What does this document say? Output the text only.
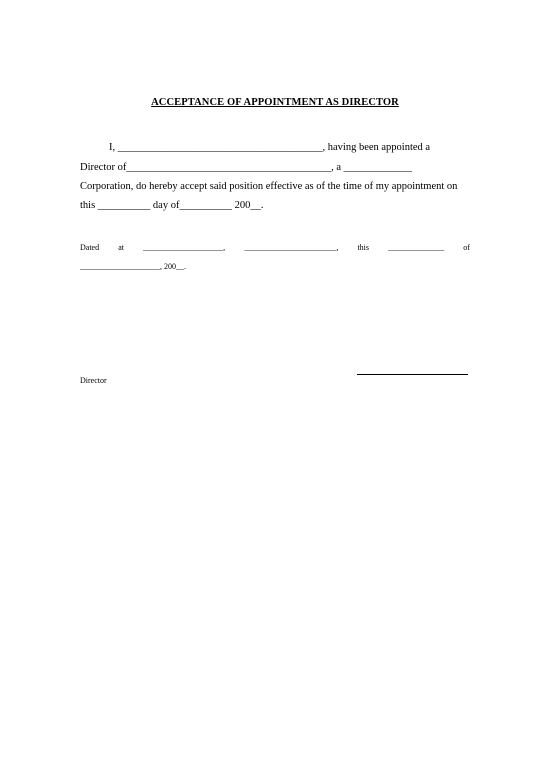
ACCEPTANCE OF APPOINTMENT AS DIRECTOR
I, _______________________________________, having been appointed a
Director of_______________________________________, a _____________
Corporation, do hereby accept said position effective as of the time of my appointment on
this __________ day of__________ 200__.
Dated at ____________________, _______________________, this ______________ of
____________________, 200__.
Director
